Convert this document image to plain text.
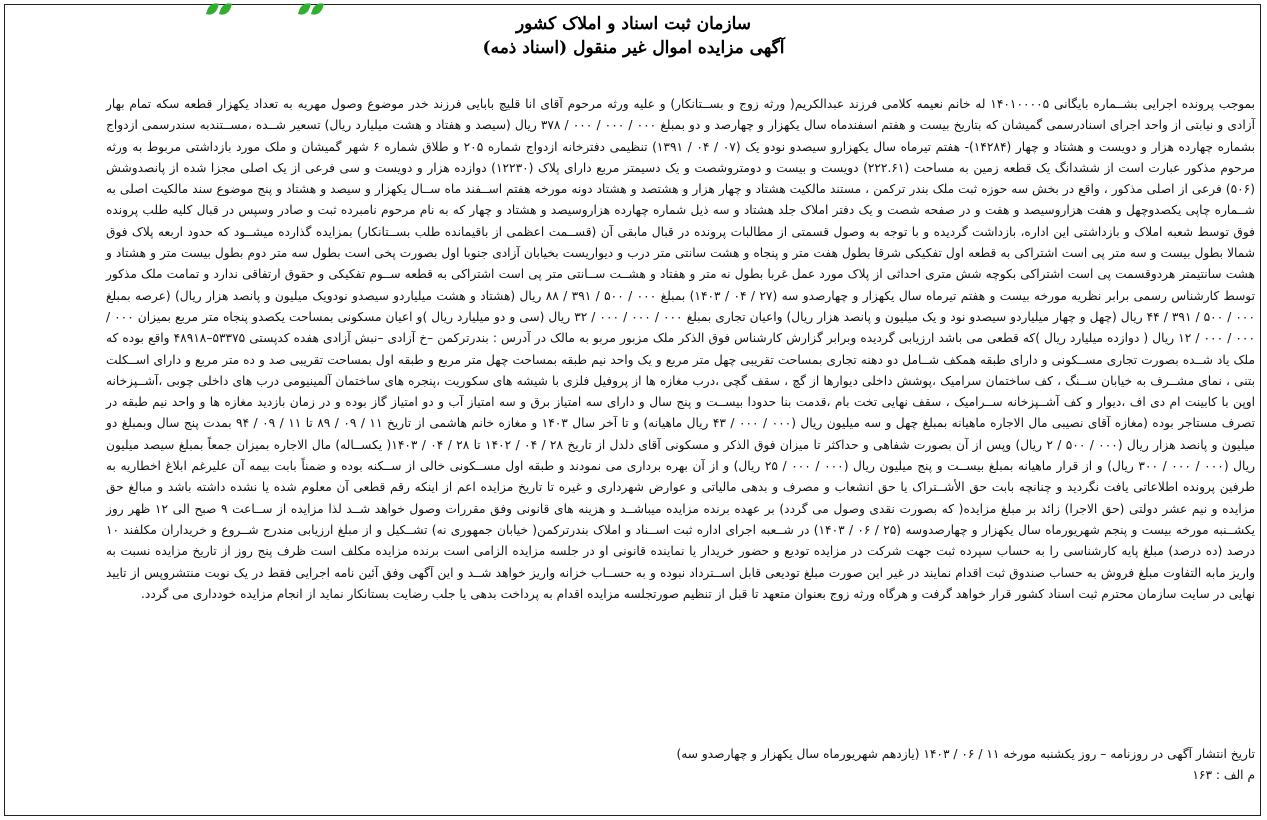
سازمان ثبت اسناد و املاک کشور
آگهی مزایده اموال غیر منقول (اسناد ذمه)
بموجب پرونده اجرایی بشــماره بایگانی ۱۴۰۱۰۰۰۰۵ له خانم نعیمه کلامی فرزند عبدالکریم( ورثه زوج و بســتانکار) و علیه ورثه مرحوم آقای انا قلیچ بابایی فرزند خدر موضوع وصول مهریه به تعداد یکهزار قطعه سکه تمام بهار آزادی و نیابتی از واحد اجرای اسنادرسمی گمیشان که بتاریخ بیست و هفتم اسفندماه سال یکهزار و چهارصد و دو بمبلغ ۰۰۰ / ۰۰۰ / ۰۰۰ / ۳۷۸ ریال (سیصد و هفتاد و هشت میلیارد ریال) تسعیر شــده ،مســتندبه سندرسمی ازدواج بشماره چهارده هزار و دویست و هشتاد و چهار (۱۴۲۸۴)- هفتم تیرماه سال یکهزارو سیصدو نودو یک (۰۷ / ۰۴ / ۱۳۹۱) تنظیمی دفترخانه ازدواج شماره ۲۰۵ و طلاق شماره ۶ شهر گمیشان و ملک مورد بازداشتی مربوط به ورثه مرحوم مذکور عبارت است از ششدانگ یک قطعه زمین به مساحت (۲۲۲.۶۱) دویست و بیست و دومتروشصت و یک دسیمتر مربع دارای پلاک (۱۲۲۳۰) دوازده هزار و دویست و سی فرعی از یک اصلی مجزا شده از پانصدوشش (۵۰۶) فرعی از اصلی مذکور ، واقع در بخش سه حوزه ثبت ملک بندر ترکمن ، مستند مالکیت هشتاد و چهار هزار و هشتصد و هشتاد دونه مورخه هفتم اســفند ماه ســال یکهزار و سیصد و هشتاد و پنج موضوع سند مالکیت اصلی به شــماره چاپی یکصدوچهل و هفت هزاروسیصد و هفت و در صفحه شصت و یک دفتر املاک جلد هشتاد و سه ذیل شماره چهارده هزاروسیصد و هشتاد و چهار که به نام مرحوم نامبرده ثبت و صادر وسپس در قبال کلیه طلب پرونده فوق توسط شعبه املاک و بازداشتی این اداره، بازداشت گردیده و با توجه به وصول قسمتی از مطالبات پرونده در قبال مابقی آن (قســمت اعظمی از باقیمانده طلب بســتانکار) بمزایده گذارده میشــود که حدود اربعه پلاک فوق شمالا بطول بیست و سه متر پی است اشتراکی به قطعه اول تفکیکی شرقا بطول هفت متر و پنجاه و هشت سانتی متر درب و دیواریست بخیابان آزادی جنوبا اول بصورت پخی است بطول سه متر دوم بطول بیست متر و هشتاد و هشت سانتیمتر هردوقسمت پی است اشتراکی بکوچه شش متری احداثی از پلاک مورد عمل غربا بطول نه متر و هفتاد و هشــت ســانتی متر پی است اشتراکی به قطعه ســوم تفکیکی و حقوق ارتفاقی ندارد و تمامت ملک مذکور توسط کارشناس رسمی برابر نظریه مورخه بیست و هفتم تیرماه سال یکهزار و چهارصدو سه (۲۷ / ۰۴ / ۱۴۰۳) بمبلغ ۰۰۰ / ۵۰۰ / ۳۹۱ / ۸۸ ریال (هشتاد و هشت میلیاردو سیصدو نودویک میلیون و پانصد هزار ریال) (عرصه بمبلغ ۰۰۰ / ۵۰۰ / ۳۹۱ / ۴۴ ریال (چهل و چهار میلیاردو سیصدو نود و یک میلیون و پانصد هزار ریال) واعیان تجاری بمبلغ ۰۰۰ / ۰۰۰ / ۰۰۰ / ۳۲ ریال (سی و دو میلیارد ریال )و اعیان مسکونی بمساحت یکصدو پنجاه متر مربع بمیزان ۰۰۰ / ۰۰۰ / ۰۰۰ / ۱۲ ریال ( دوازده میلیارد ریال )که قطعی می باشد ارزیابی گردیده وبرابر گزارش کارشناس فوق الذکر ملک مزبور مربو به مالک در آدرس : بندرترکمن –خ آزادی –نبش آزادی هفده کدپستی ۵۳۳۷۵–۴۸۹۱۸ واقع بوده که ملک یاد شــده بصورت تجاری مســکونی و دارای طبقه همکف شــامل دو دهنه تجاری بمساحت تقریبی چهل متر مربع و یک واحد نیم طبقه بمساحت چهل متر مربع و طبقه اول بمساحت تقریبی صد و ده متر مربع و دارای اســکلت بتنی ، نمای مشــرف به خیابان ســنگ ، کف ساختمان سرامیک ،پوشش داخلی دیوارها از گچ ، سقف گچی ،درب مغازه ها از پروفیل فلزی با شیشه های سکوریت ،پنجره های ساختمان آلمینیومی درب های داخلی چوبی ،آشــپزخانه اوپن با کابینت ام دی اف ،دیوار و کف آشــپزخانه ســرامیک ، سقف نهایی تخت بام ،قدمت بنا حدودا بیســت و پنج سال و دارای سه امتیاز برق و سه امتیاز آب و دو امتیاز گاز بوده و در زمان بازدید مغازه ها و واحد نیم طبقه در تصرف مستاجر بوده (مغازه آقای نصیبی مال الاجاره ماهیانه بمبلغ چهل و سه میلیون ریال (۰۰۰ / ۰۰۰ / ۴۳ ریال ماهیانه) و تا آخر سال ۱۴۰۳ و مغازه خانم هاشمی از تاریخ ۱۱ / ۰۹ / ۸۹ تا ۱۱ / ۰۹ / ۹۴ بمدت پنج سال وبمبلغ دو میلیون و پانصد هزار ریال (۰۰۰ / ۵۰۰ / ۲ ریال) وپس از آن بصورت شفاهی و حداکثر تا میزان فوق الذکر و مسکونی آقای دلدل از تاریخ ۲۸ / ۰۴ / ۱۴۰۲ تا ۲۸ / ۰۴ / ۱۴۰۳( یکســاله) مال الاجاره بمیزان جمعاً بمبلغ سیصد میلیون ریال (۰۰۰ / ۰۰۰ / ۳۰۰ ریال) و از قرار ماهیانه بمبلغ بیســت و پنج میلیون ریال (۰۰۰ / ۰۰۰ / ۲۵ ریال) و از آن بهره برداری می نمودند و طبقه اول مســکونی خالی از ســکنه بوده و ضمناً بابت بیمه آن علیرغم ابلاغ اخطاریه به طرفین پرونده اطلاعاتی یافت نگردید و چنانچه بابت حق الأشــتراک یا حق انشعاب و مصرف و بدهی مالیاتی و عوارض شهرداری و غیره تا تاریخ مزایده اعم از اینکه رقم قطعی آن معلوم شده یا نشده داشته باشد و مبالغ حق مزایده و نیم عشر دولتی (حق الاجرا) زائد بر مبلغ مزایده( که بصورت نقدی وصول می گردد) بر عهده برنده مزایده میباشــد و هزینه های قانونی وفق مقررات وصول خواهد شــد لذا مزایده از ســاعت ۹ صبح الی ۱۲ ظهر روز یکشــنبه مورخه بیست و پنجم شهریورماه سال یکهزار و چهارصدوسه (۲۵ / ۰۶ / ۱۴۰۳) در شــعبه اجرای اداره ثبت اســناد و املاک بندرترکمن( خیابان جمهوری نه) تشــکیل و از مبلغ ارزیابی مندرج شــروع و خریداران مکلفند ۱۰ درصد (ده درصد) مبلغ پایه کارشناسی را به حساب سپرده ثبت جهت شرکت در مزایده تودیع و حضور خریدار یا نماینده قانونی او در جلسه مزایده الزامی است برنده مزایده مکلف است ظرف پنج روز از تاریخ مزایده نسبت به واریز مابه التفاوت مبلغ فروش به حساب صندوق ثبت اقدام نمایند در غیر این صورت مبلغ تودیعی قابل اســترداد نبوده و به حســاب خزانه واریز خواهد شــد و این آگهی وفق آئین نامه اجرایی فقط در یک نوبت منتشروپس از تایید نهایی در سایت سازمان محترم ثبت اسناد کشور قرار خواهد گرفت و هرگاه ورثه زوج بعنوان متعهد تا قبل از تنظیم صورتجلسه مزایده اقدام به پرداخت بدهی یا جلب رضایت بستانکار نماید از انجام مزایده خودداری می گردد.
تاریخ انتشار آگهی در روزنامه – روز یکشنبه مورخه ۱۱ / ۰۶ / ۱۴۰۳ (یازدهم شهریورماه سال یکهزار و چهارصدو سه)
م الف : ۱۶۳
